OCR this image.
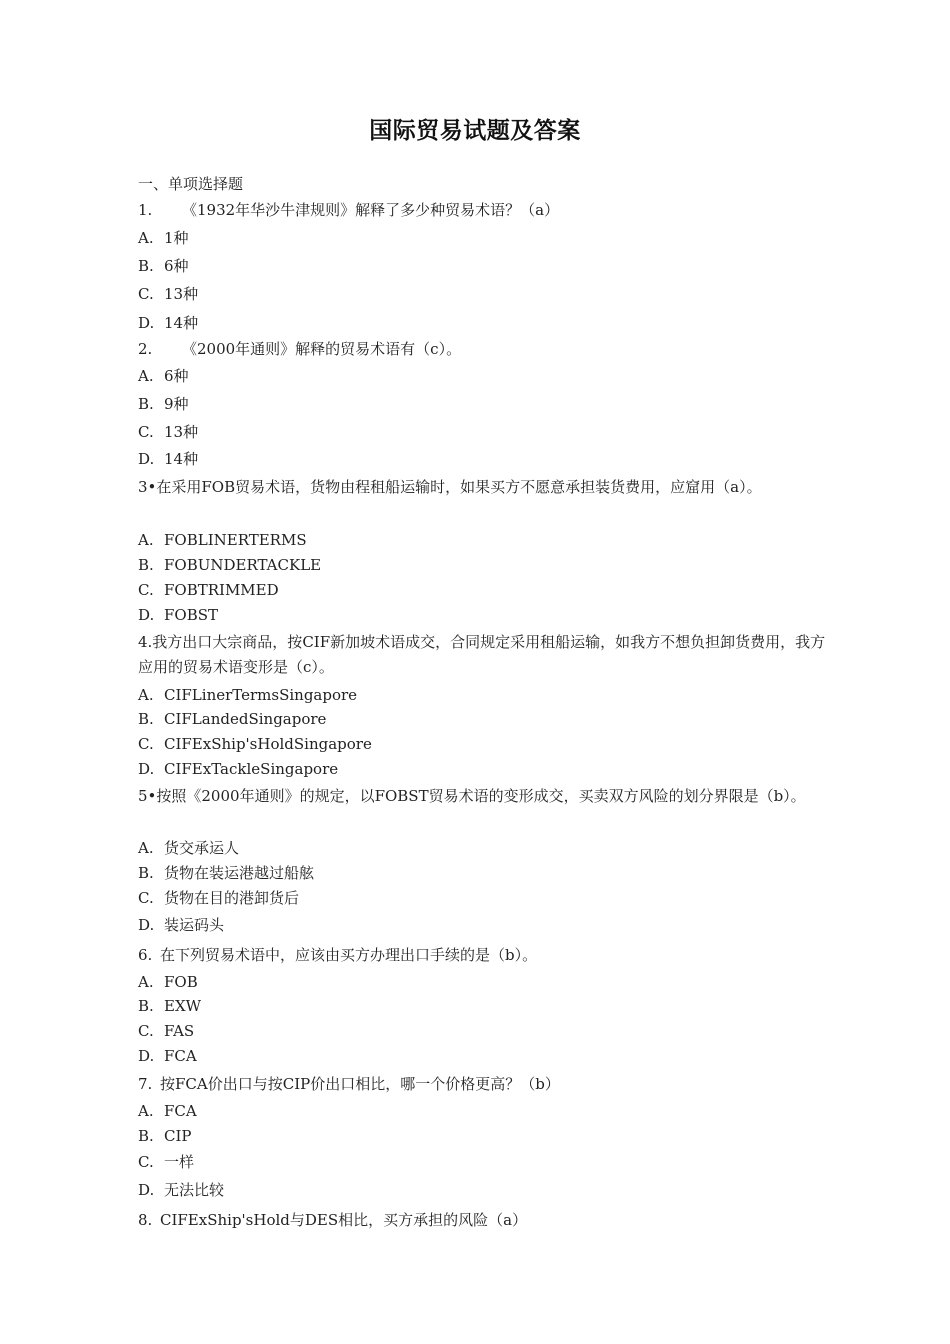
国际贸易试题及答案
一、单项选择题
1. 《1932年华沙牛津规则》解释了多少种贸易术语？（a）
A. 1种
B. 6种
C. 13种
D. 14种
2. 《2000年通则》解释的贸易术语有（c）。
A. 6种
B. 9种
C. 13种
D. 14种
3•在采用FOB贸易术语，货物由程租船运输时，如果买方不愿意承担装货费用，应窟用（a）。
A. FOBLINERTERMS
B. FOBUNDERTACKLE
C. FOBTRIMMED
D. FOBST
4.我方出口大宗商品，按CIF新加坡术语成交，合同规定采用租船运输，如我方不想负担卸货费用，我方应用的贸易术语变形是（c）。
A. CIFLinerTermsSingapore
B. CIFLandedSingapore
C. CIFExShip'sHoldSingapore
D. CIFExTackleSingapore
5•按照《2000年通则》的规定，以FOBST贸易术语的变形成交，买卖双方风险的划分界限是（b）。
A. 货交承运人
B. 货物在装运港越过船舷
C. 货物在目的港卸货后
D. 装运码头
6. 在下列贸易术语中，应该由买方办理出口手续的是（b）。
A. FOB
B. EXW
C. FAS
D. FCA
7. 按FCA价出口与按CIP价出口相比，哪一个价格更高？（b）
A. FCA
B. CIP
C. 一样
D. 无法比较
8. CIFExShip'sHold与DES相比，买方承担的风险（a）
